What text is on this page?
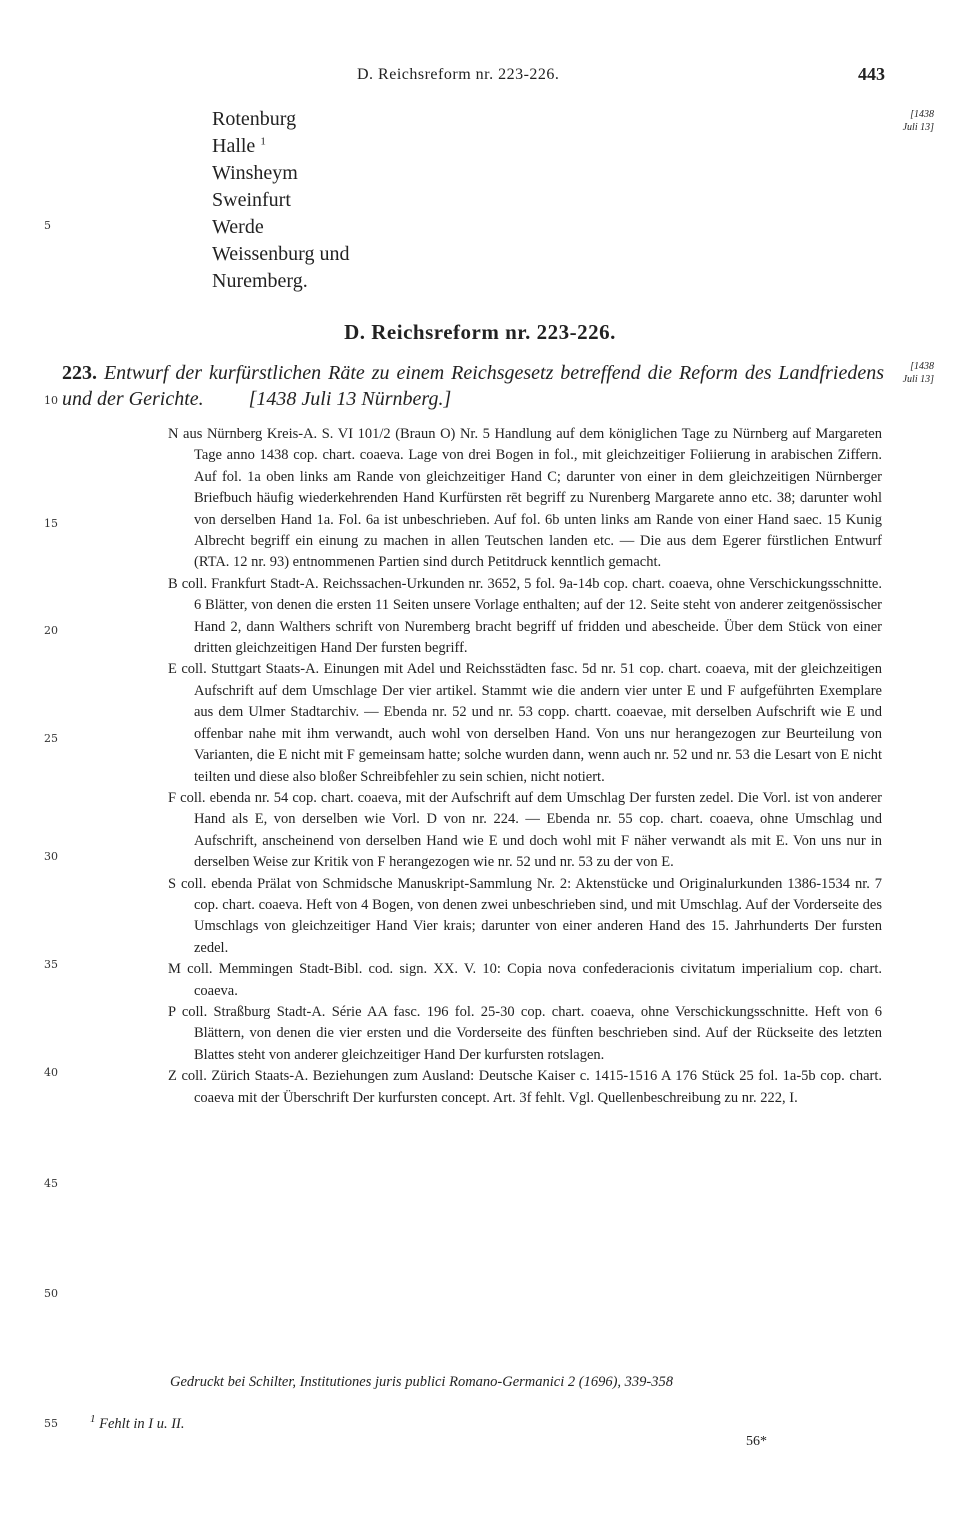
D. Reichsreform nr. 223-226.	443
Rotenburg
Halle $^1$
Winsheym
Sweinfurt
Werde
Weissenburg und
Nuremberg.
[1438
Juli 13]
[1438
Juli 13]
5
10
15
20
25
30
35
40
45
50
55
D. Reichsreform nr. 223-226.
223. Entwurf der kurfürstlichen Räte zu einem Reichsgesetz betreffend die Reform des Landfriedens und der Gerichte. [1438 Juli 13 Nürnberg.]
N aus Nürnberg Kreis-A. S. VI 101/2 (Braun O) Nr. 5 Handlung auf dem königlichen Tage zu Nürnberg auf Margareten Tage anno 1438 cop. chart. coaeva. Lage von drei Bogen in fol., mit gleichzeitiger Foliierung in arabischen Ziffern. Auf fol. 1a oben links am Rande von gleichzeitiger Hand C; darunter von einer in dem gleichzeitigen Nürnberger Briefbuch häufig wiederkehrenden Hand Kurfürsten rēt begriff zu Nurenberg Margarete anno etc. 38; darunter wohl von derselben Hand 1a. Fol. 6a ist unbeschrieben. Auf fol. 6b unten links am Rande von einer Hand saec. 15 Kunig Albrecht begriff ein einung zu machen in allen Teutschen landen etc. — Die aus dem Egerer fürstlichen Entwurf (RTA. 12 nr. 93) entnommenen Partien sind durch Petitdruck kenntlich gemacht.
B coll. Frankfurt Stadt-A. Reichssachen-Urkunden nr. 3652, 5 fol. 9a-14b cop. chart. coaeva, ohne Verschickungsschnitte. 6 Blätter, von denen die ersten 11 Seiten unsere Vorlage enthalten; auf der 12. Seite steht von anderer zeitgenössischer Hand 2, dann Walthers schrift von Nuremberg bracht begriff uf fridden und abescheide. Über dem Stück von einer dritten gleichzeitigen Hand Der fursten begriff.
E coll. Stuttgart Staats-A. Einungen mit Adel und Reichsstädten fasc. 5d nr. 51 cop. chart. coaeva, mit der gleichzeitigen Aufschrift auf dem Umschlage Der vier artikel. Stammt wie die andern vier unter E und F aufgeführten Exemplare aus dem Ulmer Stadtarchiv. — Ebenda nr. 52 und nr. 53 copp. chartt. coaevae, mit derselben Aufschrift wie E und offenbar nahe mit ihm verwandt, auch wohl von derselben Hand. Von uns nur herangezogen zur Beurteilung von Varianten, die E nicht mit F gemeinsam hatte; solche wurden dann, wenn auch nr. 52 und nr. 53 die Lesart von E nicht teilten und diese also bloßer Schreibfehler zu sein schien, nicht notiert.
F coll. ebenda nr. 54 cop. chart. coaeva, mit der Aufschrift auf dem Umschlag Der fursten zedel. Die Vorl. ist von anderer Hand als E, von derselben wie Vorl. D von nr. 224. — Ebenda nr. 55 cop. chart. coaeva, ohne Umschlag und Aufschrift, anscheinend von derselben Hand wie E und doch wohl mit F näher verwandt als mit E. Von uns nur in derselben Weise zur Kritik von F herangezogen wie nr. 52 und nr. 53 zu der von E.
S coll. ebenda Prälat von Schmidsche Manuskript-Sammlung Nr. 2: Aktenstücke und Originalurkunden 1386-1534 nr. 7 cop. chart. coaeva. Heft von 4 Bogen, von denen zwei unbeschrieben sind, und mit Umschlag. Auf der Vorderseite des Umschlags von gleichzeitiger Hand Vier krais; darunter von einer anderen Hand des 15. Jahrhunderts Der fursten zedel.
M coll. Memmingen Stadt-Bibl. cod. sign. XX. V. 10: Copia nova confederacionis civitatum imperialium cop. chart. coaeva.
P coll. Straßburg Stadt-A. Série AA fasc. 196 fol. 25-30 cop. chart. coaeva, ohne Verschickungsschnitte. Heft von 6 Blättern, von denen die vier ersten und die Vorderseite des fünften beschrieben sind. Auf der Rückseite des letzten Blattes steht von anderer gleichzeitiger Hand Der kurfursten rotslagen.
Z coll. Zürich Staats-A. Beziehungen zum Ausland: Deutsche Kaiser c. 1415-1516 A 176 Stück 25 fol. 1a-5b cop. chart. coaeva mit der Überschrift Der kurfursten concept. Art. 3f fehlt. Vgl. Quellenbeschreibung zu nr. 222, I.
Gedruckt bei Schilter, Institutiones juris publici Romano-Germanici 2 (1696), 339-358
$^1$ Fehlt in I u. II.
56*
